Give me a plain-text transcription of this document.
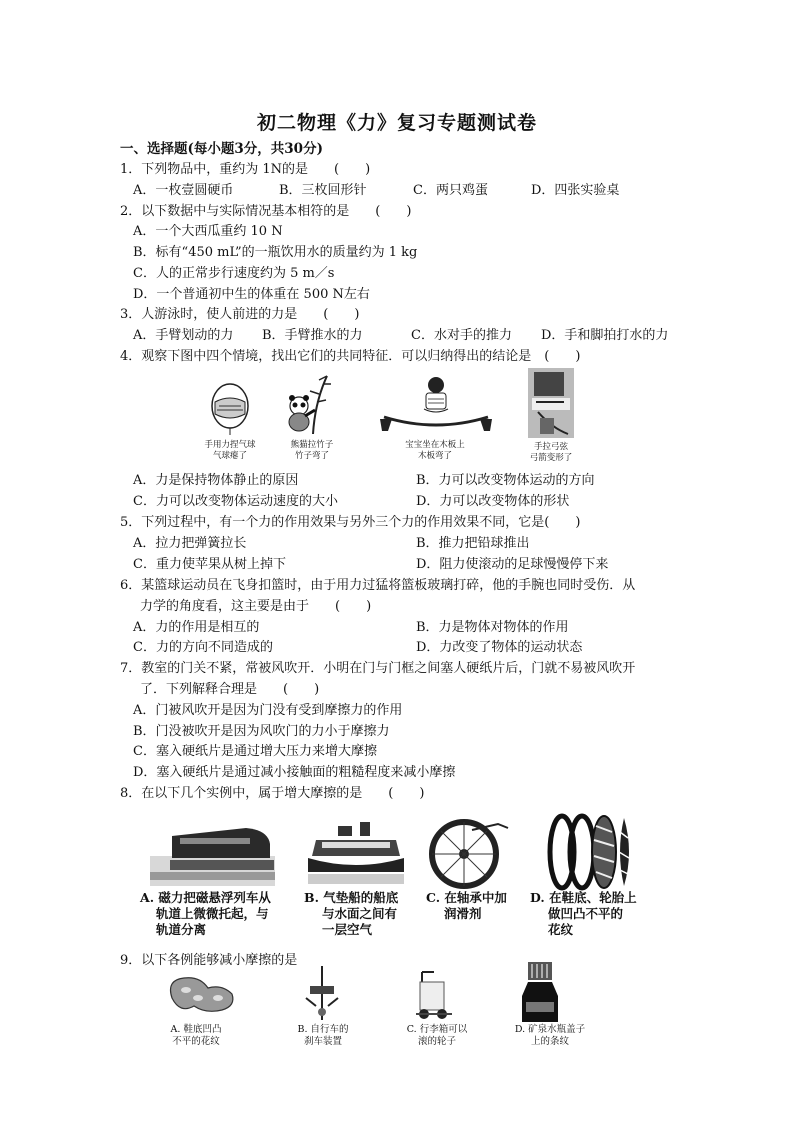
初二物理《力》复习专题测试卷
一、选择题(每小题3分，共30分)
1．下列物品中，重约为 1N的是　　(　　)
A．一枚壹圆硬币	B．三枚回形针	C．两只鸡蛋	D．四张实验桌
2．以下数据中与实际情况基本相符的是　　(　　)
A．一个大西瓜重约 10 N
B．标有“450 mL”的一瓶饮用水的质量约为 1 kg
C．人的正常步行速度约为 5 m／s
D．一个普通初中生的体重在 500 N左右
3．人游泳时，使人前进的力是　　(　　)
A．手臂划动的力 B．手臂推水的力	C．水对手的推力 D．手和脚拍打水的力
4．观察下图中四个情境，找出它们的共同特征．可以归纳得出的结论是　(　　)
手用力捏气球
气球瘪了
熊猫拉竹子
竹子弯了
宝宝坐在木板上
木板弯了
手拉弓弦
弓箭变形了
A．力是保持物体静止的原因	B．力可以改变物体运动的方向
C．力可以改变物体运动速度的大小	D．力可以改变物体的形状
5．下列过程中，有一个力的作用效果与另外三个力的作用效果不同，它是(　　)
A．拉力把弹簧拉长	B．推力把铅球推出
C．重力使苹果从树上掉下	D．阻力使滚动的足球慢慢停下来
6．某篮球运动员在飞身扣篮时，由于用力过猛将篮板玻璃打碎，他的手腕也同时受伤．从
力学的角度看，这主要是由于　　(　　)
A．力的作用是相互的	B．力是物体对物体的作用
C．力的方向不同造成的	D．力改变了物体的运动状态
7．教室的门关不紧，常被风吹开．小明在门与门框之间塞人硬纸片后，门就不易被风吹开
了．下列解释合理是　　(　　)
A．门被风吹开是因为门没有受到摩擦力的作用
B．门没被吹开是因为风吹门的力小于摩擦力
C．塞入硬纸片是通过增大压力来增大摩擦
D．塞入硬纸片是通过减小接触面的粗糙程度来减小摩擦
8．在以下几个实例中，属于增大摩擦的是　　(　　)
A. 磁力把磁悬浮列车从
轨道上微微托起，与
轨道分离
B. 气垫船的船底
与水面之间有
一层空气
C. 在轴承中加
润滑剂
D. 在鞋底、轮胎上
做凹凸不平的
花纹
9．以下各例能够减小摩擦的是
A. 鞋底凹凸
不平的花纹
B. 自行车的
刹车装置
C. 行李箱可以
滚的轮子
D. 矿泉水瓶盖子
上的条纹
